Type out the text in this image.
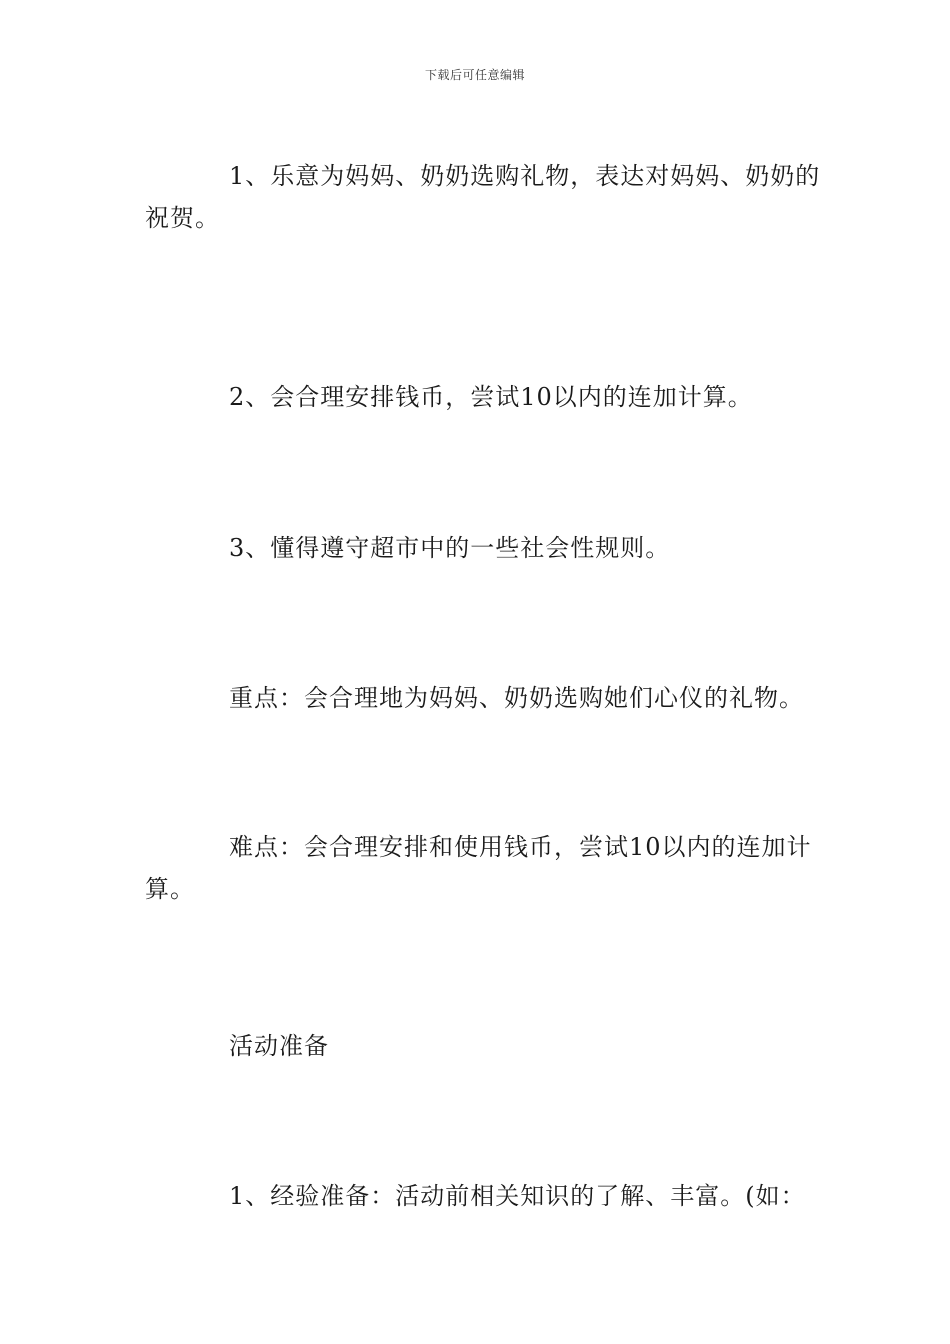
下载后可任意编辑

1、乐意为妈妈、奶奶选购礼物，表达对妈妈、奶奶的祝贺。

2、会合理安排钱币，尝试10以内的连加计算。

3、懂得遵守超市中的一些社会性规则。

重点：会合理地为妈妈、奶奶选购她们心仪的礼物。

难点：会合理安排和使用钱币，尝试10以内的连加计算。

活动准备

1、经验准备：活动前相关知识的了解、丰富。(如：
